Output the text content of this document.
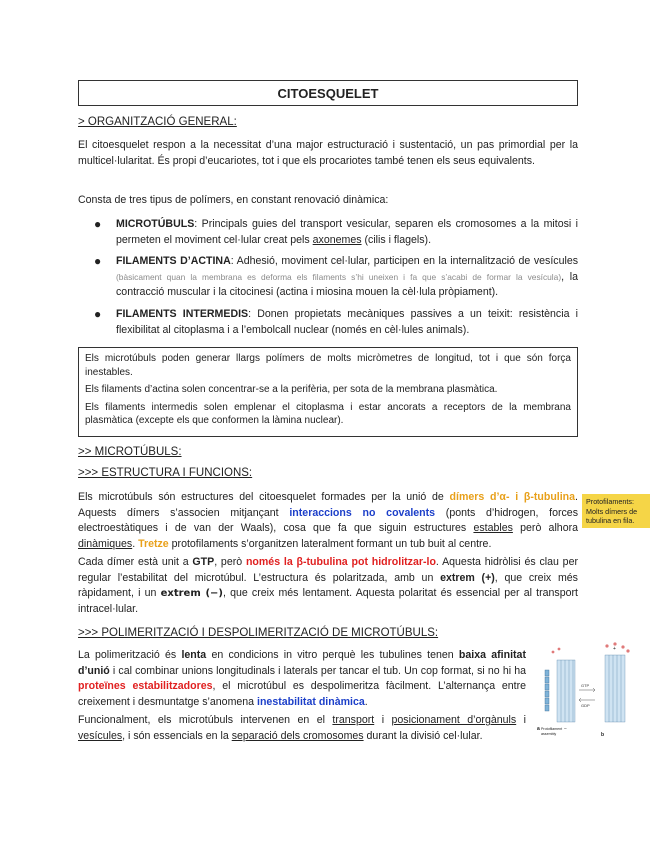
CITOESQUELET
> ORGANITZACIÓ GENERAL:
El citoesquelet respon a la necessitat d’una major estructuració i sustentació, un pas primordial per la multicel·lularitat. És propi d’eucariotes, tot i que els procariotes també tenen els seus equivalents.
Consta de tres tipus de polímers, en constant renovació dinàmica:
● MICROTÚBULS: Principals guies del transport vesicular, separen els cromosomes a la mitosi i permeten el moviment cel·lular creat pels axonemes (cilis i flagels).
● FILAMENTS D’ACTINA: Adhesió, moviment cel·lular, participen en la internalització de vesícules (bàsicament quan la membrana es deforma els filaments s’hi uneixen i fa que s’acabi de formar la vesícula), la contracció muscular i la citocinesi (actina i miosina mouen la cèl·lula pròpiament).
● FILAMENTS INTERMEDIS: Donen propietats mecàniques passives a un teixit: resistència i flexibilitat al citoplasma i a l’embolcall nuclear (només en cèl·lules animals).

Els microtúbuls poden generar llargs polímers de molts micròmetres de longitud, tot i que són força inestables.

Els filaments d’actina solen concentrar-se a la perifèria, per sota de la membrana plasmàtica.

Els filaments intermedis solen emplenar el citoplasma i estar ancorats a receptors de la membrana plasmàtica (excepte els que conformen la làmina nuclear).

>> MICROTÚBULS:
>>> ESTRUCTURA I FUNCIONS:
Els microtúbuls són estructures del citoesquelet formades per la unió de dímers d’α- i β-tubulina. Aquests dímers s’associen mitjançant interaccions no covalents (ponts d’hidrogen, forces electroestàtiques i de van der Waals), cosa que fa que siguin estructures estables però alhora dinàmiques. Tretze protofilaments s’organitzen lateralment formant un tub buit al centre.
Protofilaments: Molts dímers de tubulina en fila.
Cada dímer està unit a GTP, però només la β-tubulina pot hidrolitzar-lo. Aquesta hidròlisi és clau per regular l’estabilitat del microtúbul. L’estructura és polaritzada, amb un extrem (+), que creix més ràpidament, i un extrem (−), que creix més lentament. Aquesta polaritat és essencial per al transport intracel·lular.
>>> POLIMERITZACIÓ I DESPOLIMERITZACIÓ DE MICROTÚBULS:
La polimerització és lenta en condicions in vitro perquè les tubulines tenen baixa afinitat d’unió i cal combinar unions longitudinals i laterals per tancar el tub. Un cop format, si no hi ha proteïnes estabilitzadores, el microtúbul es despolimeritza fàcilment. L’alternança entre creixement i desmuntatge s’anomena inestabilitat dinàmica.
Funcionalment, els microtúbuls intervenen en el transport i posicionament d’orgànuls i vesícules, i són essencials en la separació dels cromosomes durant la divisió cel·lular.
GTP
GDP
a Protofilament
assembly	b
−
+
